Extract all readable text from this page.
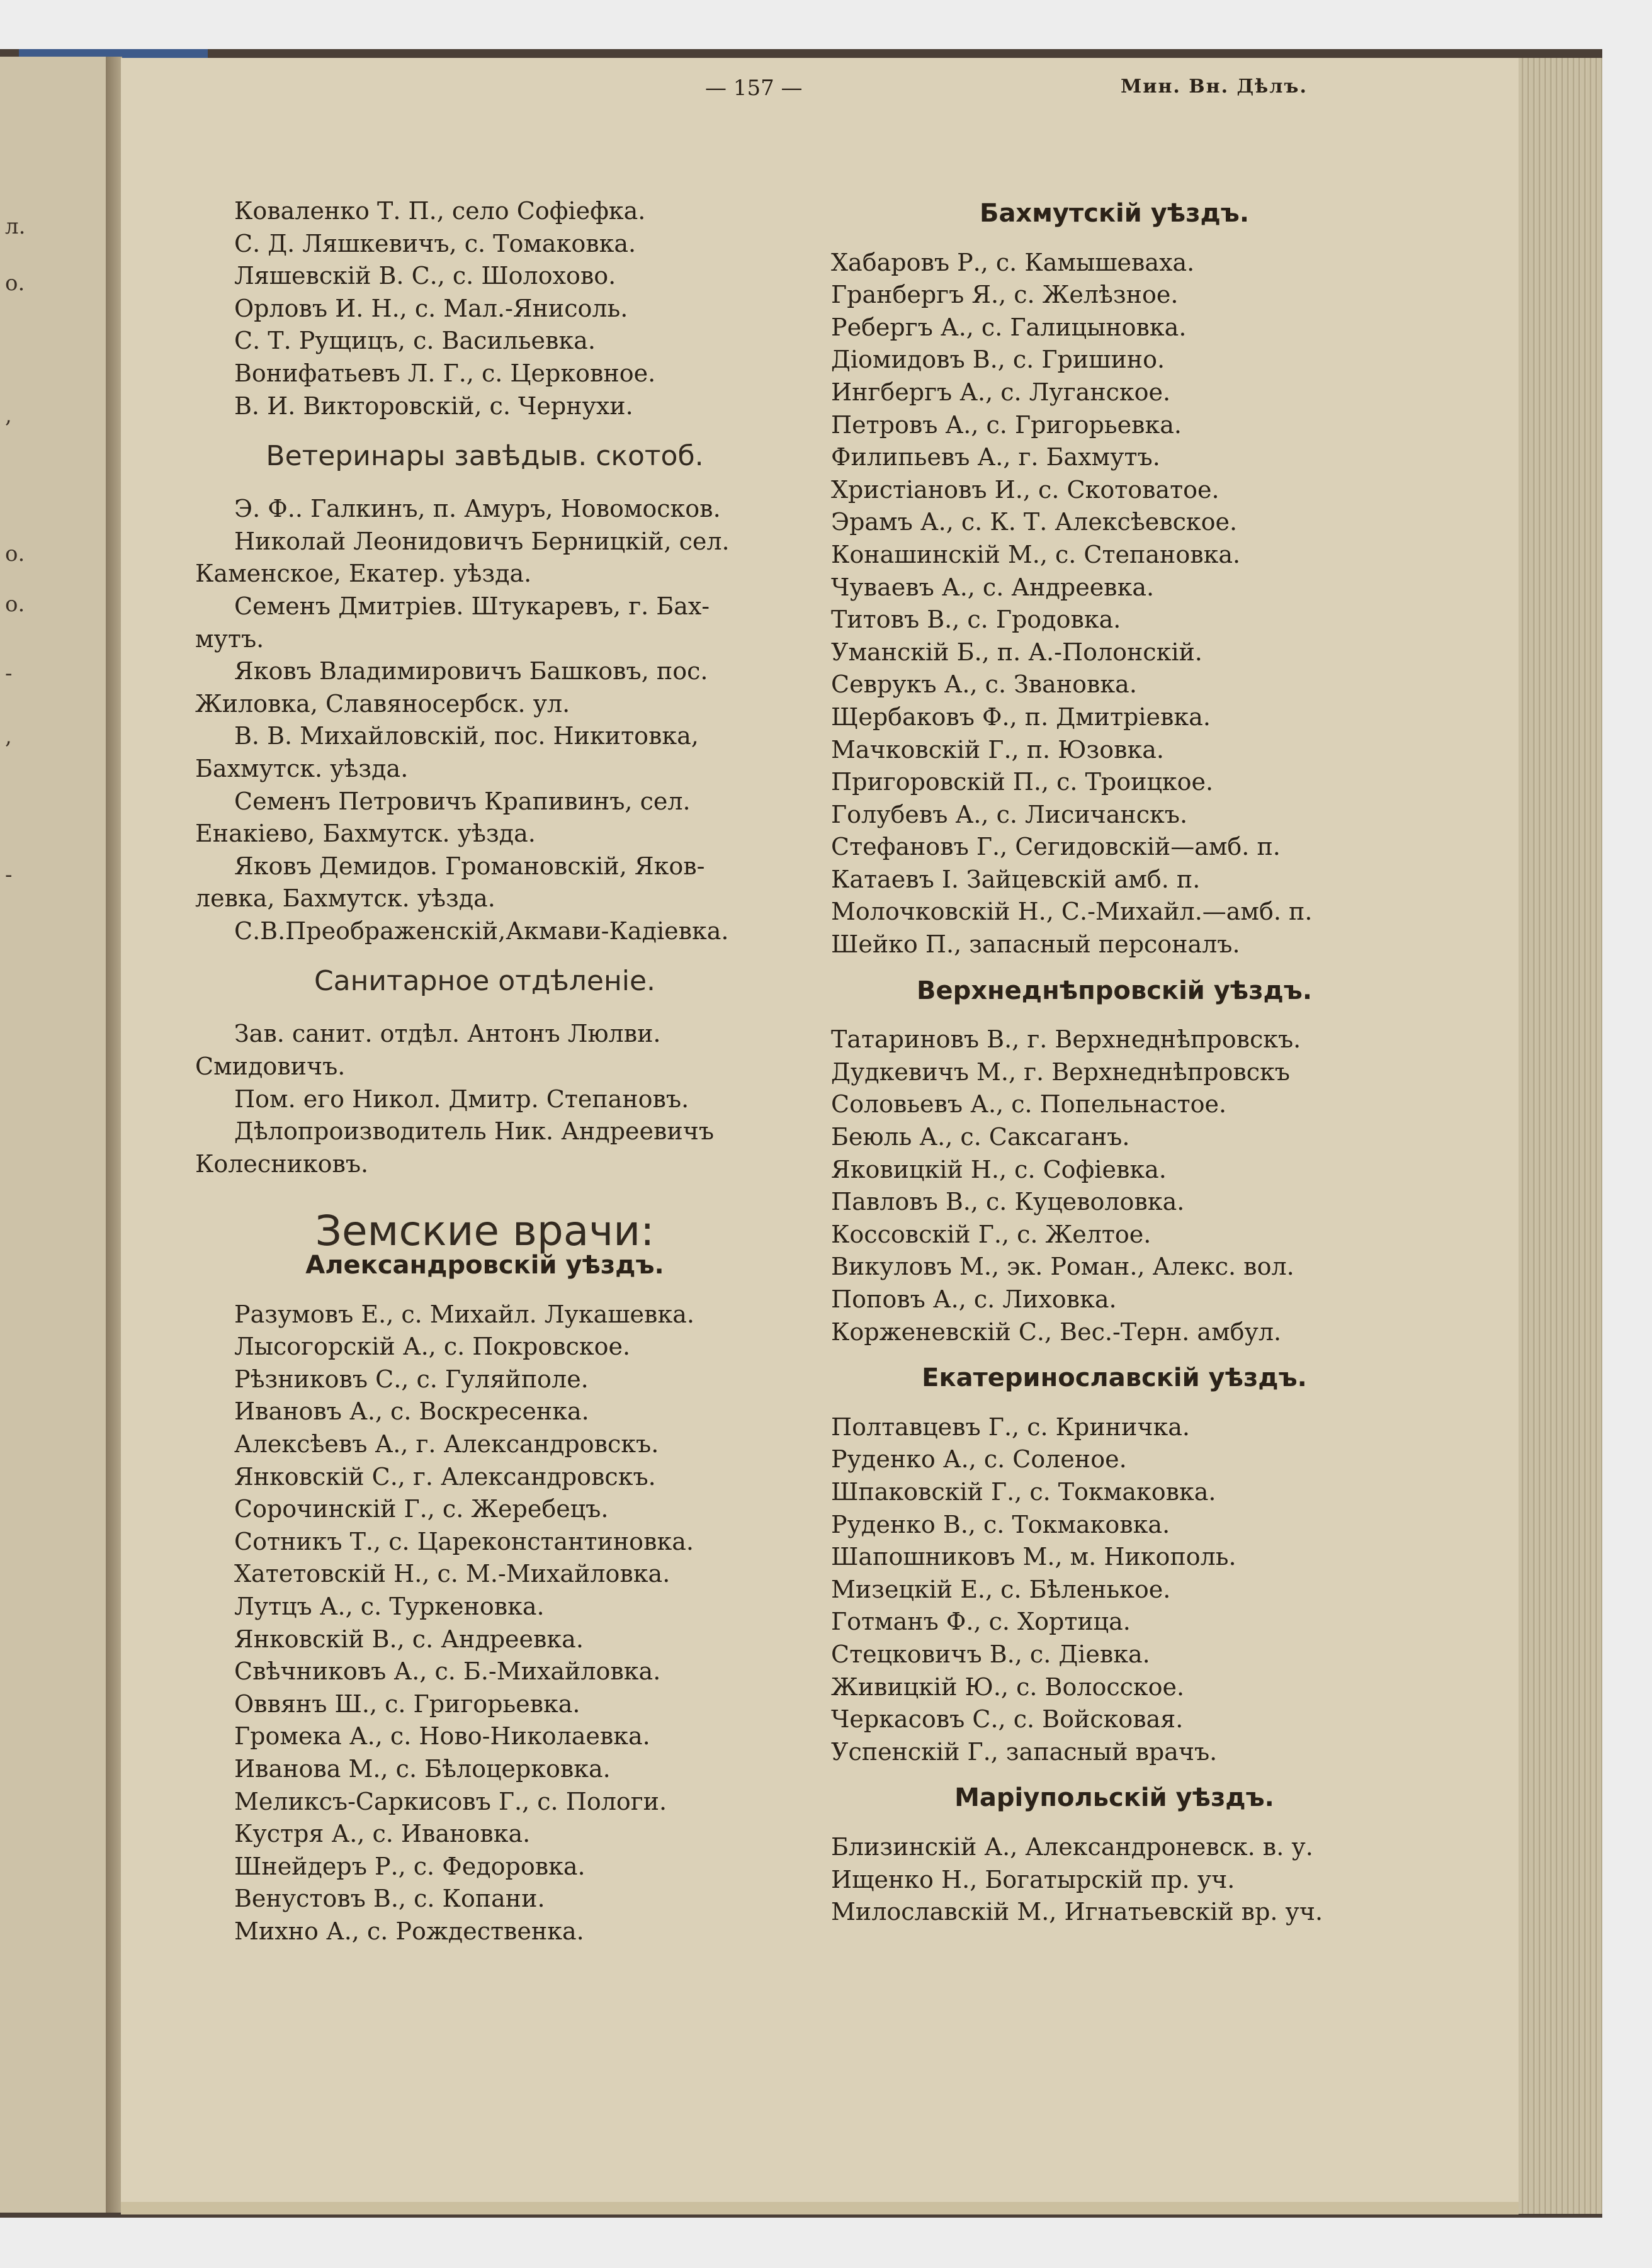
л.
о.
,
о.
о.
-
,
-
— 157 —	Мин. Вн. Дѣлъ.
Коваленко Т. П., село Софіефка.
С. Д. Ляшкевичъ, с. Томаковка.
Ляшевскій В. С., с. Шолохово.
Орловъ И. Н., с. Мал.-Янисоль.
С. Т. Рущицъ, с. Васильевка.
Вонифатьевъ Л. Г., с. Церковное.
В. И. Викторовскій, с. Чернухи.
Ветеринары завѣдыв. скотоб.
Э. Ф.. Галкинъ, п. Амуръ, Новомосков.
Николай Леонидовичъ Берницкій, сел.
Каменское, Екатер. уѣзда.
Семенъ Дмитріев. Штукаревъ, г. Бах-
мутъ.
Яковъ Владимировичъ Башковъ, пос.
Жиловка, Славяносербск. ул.
В. В. Михайловскій, пос. Никитовка,
Бахмутск. уѣзда.
Семенъ Петровичъ Крапивинъ, сел.
Енакіево, Бахмутск. уѣзда.
Яковъ Демидов. Громановскій, Яков-
левка, Бахмутск. уѣзда.
С.В.Преображенскій,Акмави-Кадіевка.
Санитарное отдѣленіе.
Зав. санит. отдѣл. Антонъ Люлви.
Смидовичъ.
Пом. его Никол. Дмитр. Степановъ.
Дѣлопроизводитель Ник. Андреевичъ
Колесниковъ.
Земские врачи:
Александровскій уѣздъ.
Разумовъ Е., с. Михайл. Лукашевка.
Лысогорскій А., с. Покровское.
Рѣзниковъ С., с. Гуляйполе.
Ивановъ А., с. Воскресенка.
Алексѣевъ А., г. Александровскъ.
Янковскій С., г. Александровскъ.
Сорочинскій Г., с. Жеребецъ.
Сотникъ Т., с. Цареконстантиновка.
Хатетовскій Н., с. М.-Михайловка.
Лутцъ А., с. Туркеновка.
Янковскій В., с. Андреевка.
Свѣчниковъ А., с. Б.-Михайловка.
Оввянъ Ш., с. Григорьевка.
Громека А., с. Ново-Николаевка.
Иванова М., с. Бѣлоцерковка.
Меликсъ-Саркисовъ Г., с. Пологи.
Кустря А., с. Ивановка.
Шнейдеръ Р., с. Федоровка.
Венустовъ В., с. Копани.
Михно А., с. Рождественка.
Бахмутскій уѣздъ.
Хабаровъ Р., с. Камышеваха.
Гранбергъ Я., с. Желѣзное.
Ребергъ А., с. Галицыновка.
Діомидовъ В., с. Гришино.
Ингбергъ А., с. Луганское.
Петровъ А., с. Григорьевка.
Филипьевъ А., г. Бахмутъ.
Христіановъ И., с. Скотоватое.
Эрамъ А., с. К. Т. Алексѣевское.
Конашинскій М., с. Степановка.
Чуваевъ А., с. Андреевка.
Титовъ В., с. Гродовка.
Уманскій Б., п. А.-Полонскій.
Севрукъ А., с. Звановка.
Щербаковъ Ф., п. Дмитріевка.
Мачковскій Г., п. Юзовка.
Пригоровскій П., с. Троицкое.
Голубевъ А., с. Лисичанскъ.
Стефановъ Г., Сегидовскій—амб. п.
Катаевъ І. Зайцевскій амб. п.
Молочковскій Н., С.-Михайл.—амб. п.
Шейко П., запасный персоналъ.
Верхнеднѣпровскій уѣздъ.
Татариновъ В., г. Верхнеднѣпровскъ.
Дудкевичъ М., г. Верхнеднѣпровскъ
Соловьевъ А., с. Попельнастое.
Беюль А., с. Саксаганъ.
Яковицкій Н., с. Софіевка.
Павловъ В., с. Куцеволовка.
Коссовскій Г., с. Желтое.
Викуловъ М., эк. Роман., Алекс. вол.
Поповъ А., с. Лиховка.
Корженевскій С., Вес.-Терн. амбул.
Екатеринославскій уѣздъ.
Полтавцевъ Г., с. Криничка.
Руденко А., с. Соленое.
Шпаковскій Г., с. Токмаковка.
Руденко В., с. Токмаковка.
Шапошниковъ М., м. Никополь.
Мизецкій Е., с. Бѣленькое.
Готманъ Ф., с. Хортица.
Стецковичъ В., с. Діевка.
Живицкій Ю., с. Волосское.
Черкасовъ С., с. Войсковая.
Успенскій Г., запасный врачъ.
Маріупольскій уѣздъ.
Близинскій А., Александроневск. в. у.
Ищенко Н., Богатырскій пр. уч.
Милославскій М., Игнатьевскій вр. уч.
